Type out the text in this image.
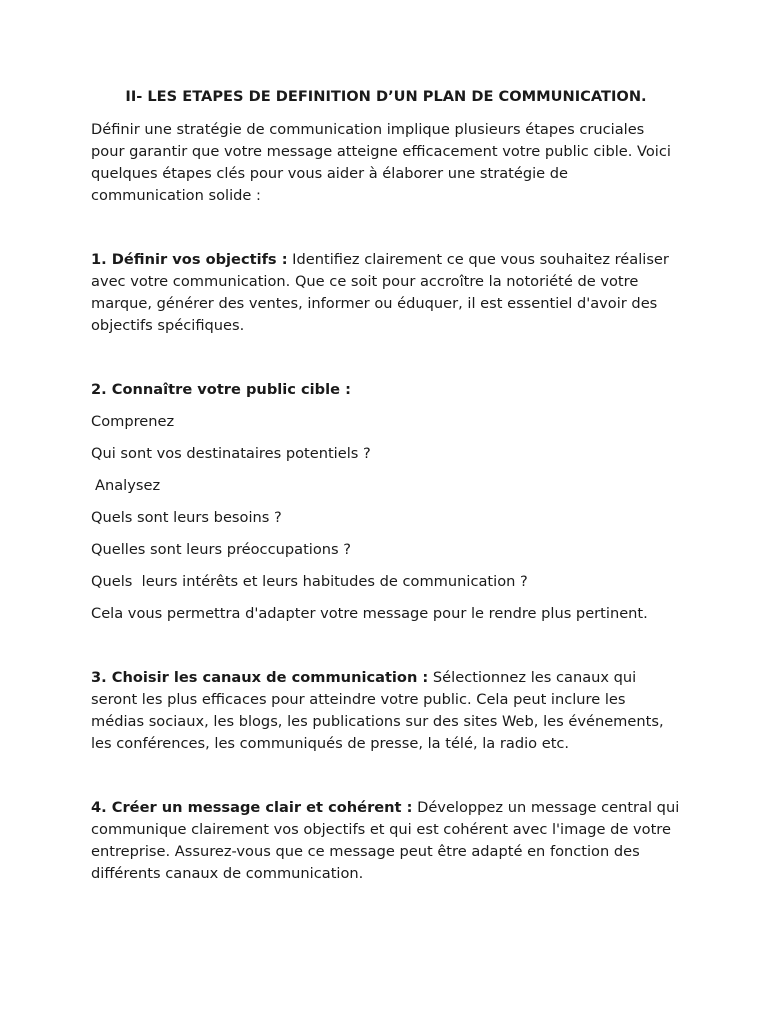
II- LES ETAPES DE DEFINITION D’UN PLAN DE COMMUNICATION.

Définir une stratégie de communication implique plusieurs étapes cruciales pour garantir que votre message atteigne efficacement votre public cible. Voici quelques étapes clés pour vous aider à élaborer une stratégie de communication solide :

1. Définir vos objectifs : Identifiez clairement ce que vous souhaitez réaliser avec votre communication. Que ce soit pour accroître la notoriété de votre marque, générer des ventes, informer ou éduquer, il est essentiel d'avoir des objectifs spécifiques.

2. Connaître votre public cible :

Comprenez

Qui sont vos destinataires potentiels ?

Analysez

Quels sont leurs besoins ?

Quelles sont leurs préoccupations ?

Quels  leurs intérêts et leurs habitudes de communication ?

Cela vous permettra d'adapter votre message pour le rendre plus pertinent.

3. Choisir les canaux de communication : Sélectionnez les canaux qui seront les plus efficaces pour atteindre votre public. Cela peut inclure les médias sociaux, les blogs, les publications sur des sites Web, les événements, les conférences, les communiqués de presse, la télé, la radio etc.

4. Créer un message clair et cohérent : Développez un message central qui communique clairement vos objectifs et qui est cohérent avec l'image de votre entreprise. Assurez-vous que ce message peut être adapté en fonction des différents canaux de communication.
